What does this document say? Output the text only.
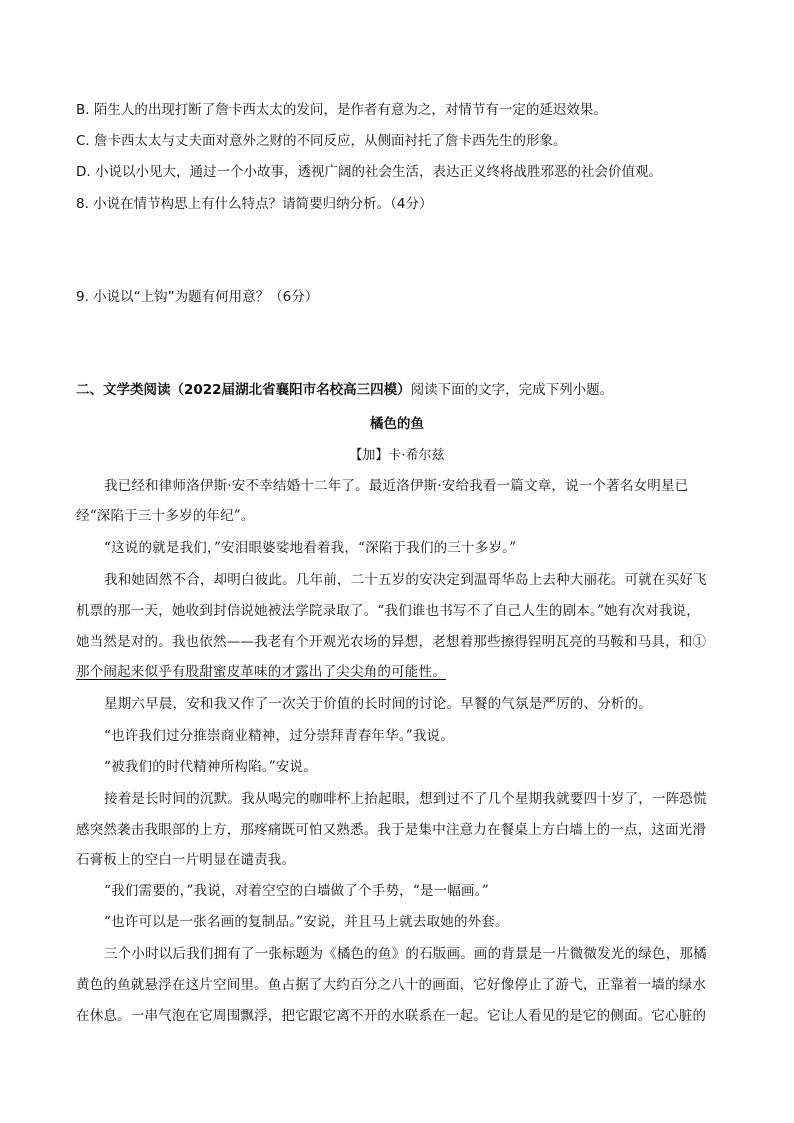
B. 陌生人的出现打断了詹卡西太太的发问，是作者有意为之，对情节有一定的延迟效果。
C. 詹卡西太太与丈夫面对意外之财的不同反应，从侧面衬托了詹卡西先生的形象。
D. 小说以小见大，通过一个小故事，透视广阔的社会生活，表达正义终将战胜邪恶的社会价值观。
8. 小说在情节构思上有什么特点？请简要归纳分析。（4分）
9. 小说以“上钩”为题有何用意？（6分）
二、文学类阅读（2022届湖北省襄阳市名校高三四模）阅读下面的文字，完成下列小题。
橘色的鱼
【加】卡·希尔兹
我已经和律师洛伊斯·安不幸结婚十二年了。最近洛伊斯·安给我看一篇文章，说一个著名女明星已
经“深陷于三十多岁的年纪”。
“这说的就是我们，”安泪眼婆娑地看着我，“深陷于我们的三十多岁。”
我和她固然不合，却明白彼此。几年前，二十五岁的安决定到温哥华岛上去种大丽花。可就在买好飞
机票的那一天，她收到封信说她被法学院录取了。“我们谁也书写不了自己人生的剧本。”她有次对我说，
她当然是对的。我也依然——我老有个开观光农场的异想，老想着那些擦得锃明瓦亮的马鞍和马具，和①
那个闹起来似乎有股甜蜜皮革味的才露出了尖尖角的可能性。
星期六早晨，安和我又作了一次关于价值的长时间的讨论。早餐的气氛是严厉的、分析的。
“也许我们过分推崇商业精神，过分崇拜青春年华。”我说。
“被我们的时代精神所构陷。”安说。
接着是长时间的沉默。我从喝完的咖啡杯上抬起眼，想到过不了几个星期我就要四十岁了，一阵恐慌
感突然袭击我眼部的上方，那疼痛既可怕又熟悉。我于是集中注意力在餐桌上方白墙上的一点，这面光滑
石膏板上的空白一片明显在谴责我。
“我们需要的，”我说，对着空空的白墙做了个手势，“是一幅画。”
“也许可以是一张名画的复制品。”安说，并且马上就去取她的外套。
三个小时以后我们拥有了一张标题为《橘色的鱼》的石版画。画的背景是一片微微发光的绿色，那橘
黄色的鱼就悬浮在这片空间里。鱼占据了大约百分之八十的画面，它好像停止了游弋，正靠着一墙的绿水
在休息。一串气泡在它周围飘浮，把它跟它离不开的水联系在一起。它让人看见的是它的侧面。它心脏的
